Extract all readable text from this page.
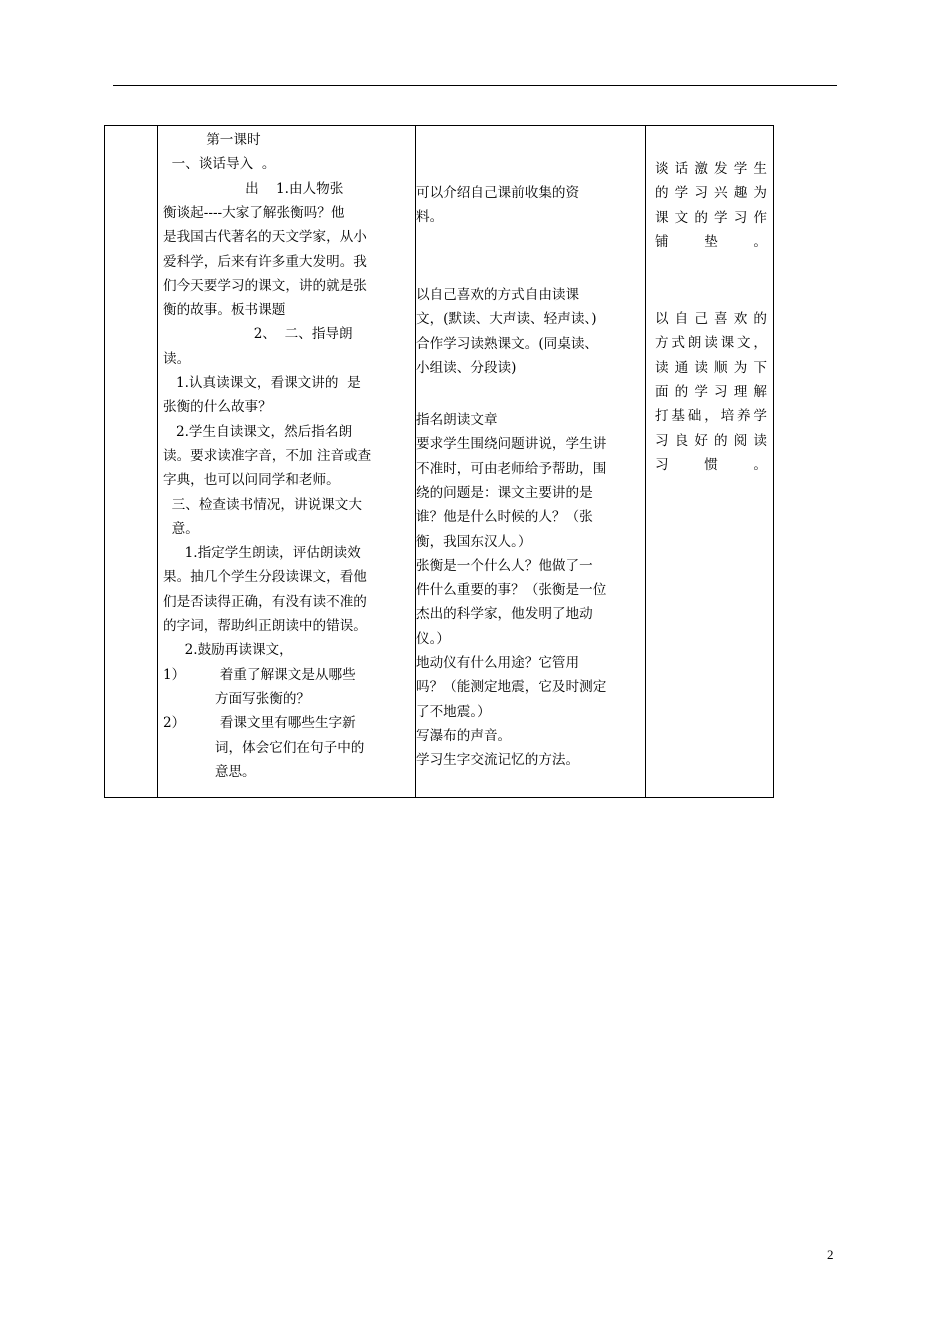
第一课时
一、谈话导入  。
出    1.由人物张
衡谈起----大家了解张衡吗？他
是我国古代著名的天文学家，从小
爱科学，后来有许多重大发明。我
们今天要学习的课文，讲的就是张
衡的故事。板书课题
2、  二、指导朗
读。
1.认真读课文，看课文讲的  是
张衡的什么故事？
2.学生自读课文，然后指名朗
读。要求读准字音，不加 注音或查
字典，也可以问同学和老师。
三、检查读书情况，讲说课文大
意。
1.指定学生朗读，评估朗读效
果。抽几个学生分段读课文，看他
们是否读得正确，有没有读不准的
的字词，帮助纠正朗读中的错误。
2.鼓励再读课文，
1）        着重了解课文是从哪些
方面写张衡的？
2）        看课文里有哪些生字新
词，体会它们在句子中的
意思。
可以介绍自己课前收集的资
料。
以自己喜欢的方式自由读课
文，(默读、大声读、轻声读、)
合作学习读熟课文。(同桌读、
小组读、分段读)
指名朗读文章
要求学生围绕问题讲说，学生讲
不准时，可由老师给予帮助，围
绕的问题是：课文主要讲的是
谁？他是什么时候的人？（张
衡，我国东汉人。）
张衡是一个什么人？他做了一
件什么重要的事？（张衡是一位
杰出的科学家，他发明了地动
仪。）
地动仪有什么用途？它管用
吗？（能测定地震，它及时测定
了不地震。）
写瀑布的声音。
学习生字交流记忆的方法。
谈话激发学生
的学习兴趣为
课文的学习作
铺垫。
以自己喜欢的
方式朗读课文，
读通读顺为下
面的学习理解
打基础，培养学
习良好的阅读
习惯。
2
